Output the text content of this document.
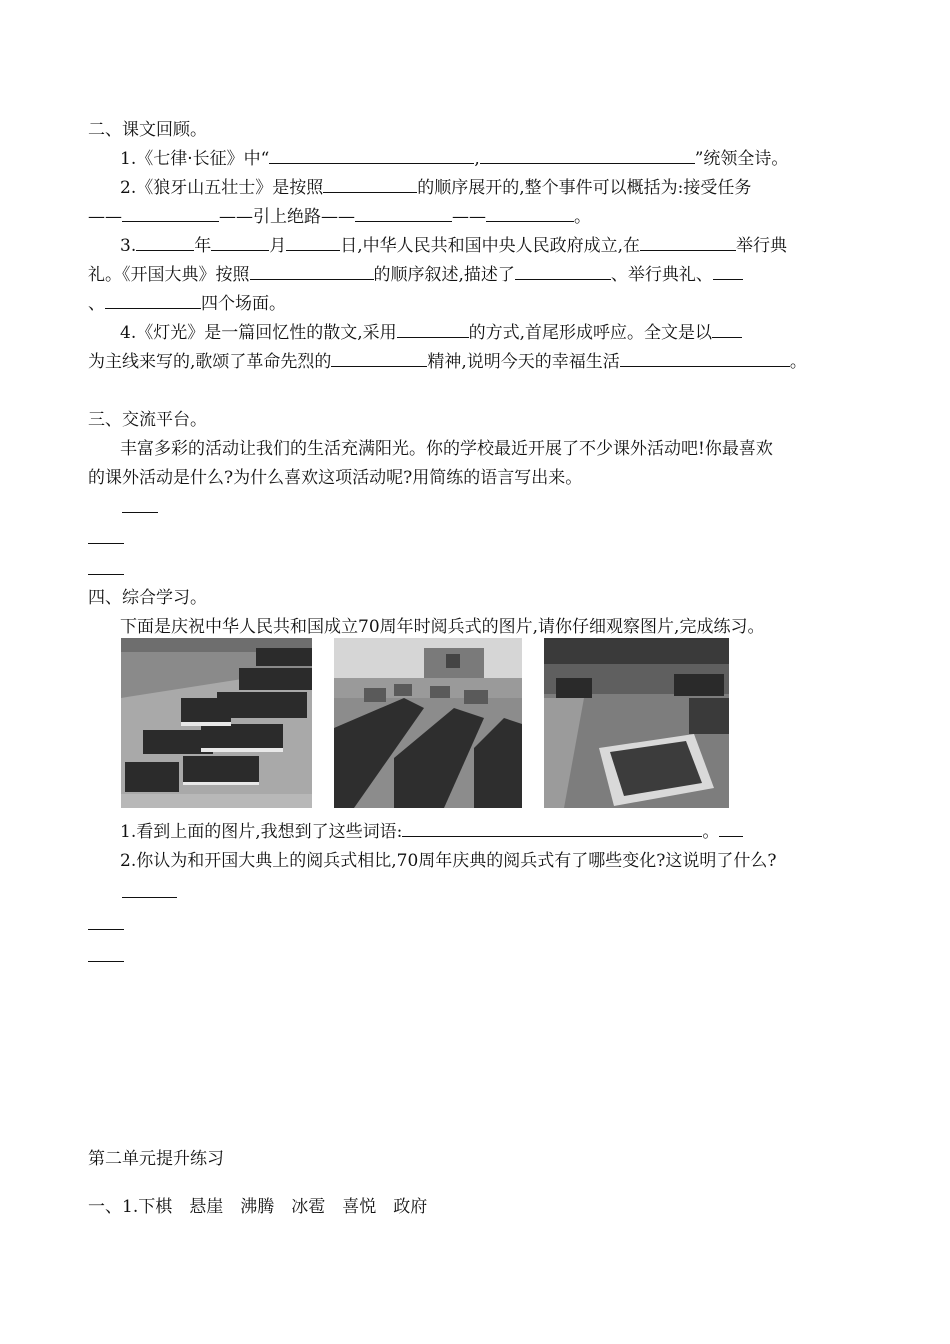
二、课文回顾。
1.《七律·长征》中“	,	”统领全诗。
2.《狼牙山五壮士》是按照	的顺序展开的,整个事件可以概括为:接受任务
——	——引上绝路——	——	。
3.	年	月	日,中华人民共和国中央人民政府成立,在	举行典
礼。《开国大典》按照	的顺序叙述,描述了	、举行典礼、
、	四个场面。
4.《灯光》是一篇回忆性的散文,采用	的方式,首尾形成呼应。全文是以
为主线来写的,歌颂了革命先烈的	精神,说明今天的幸福生活	。
三、交流平台。
丰富多彩的活动让我们的生活充满阳光。你的学校最近开展了不少课外活动吧!你最喜欢
的课外活动是什么?为什么喜欢这项活动呢?用简练的语言写出来。
四、综合学习。
下面是庆祝中华人民共和国成立70周年时阅兵式的图片,请你仔细观察图片,完成练习。
1.看到上面的图片,我想到了这些词语:	。
2.你认为和开国大典上的阅兵式相比,70周年庆典的阅兵式有了哪些变化?这说明了什么?
第二单元提升练习
一、1.下棋　悬崖　沸腾　冰雹　喜悦　政府
